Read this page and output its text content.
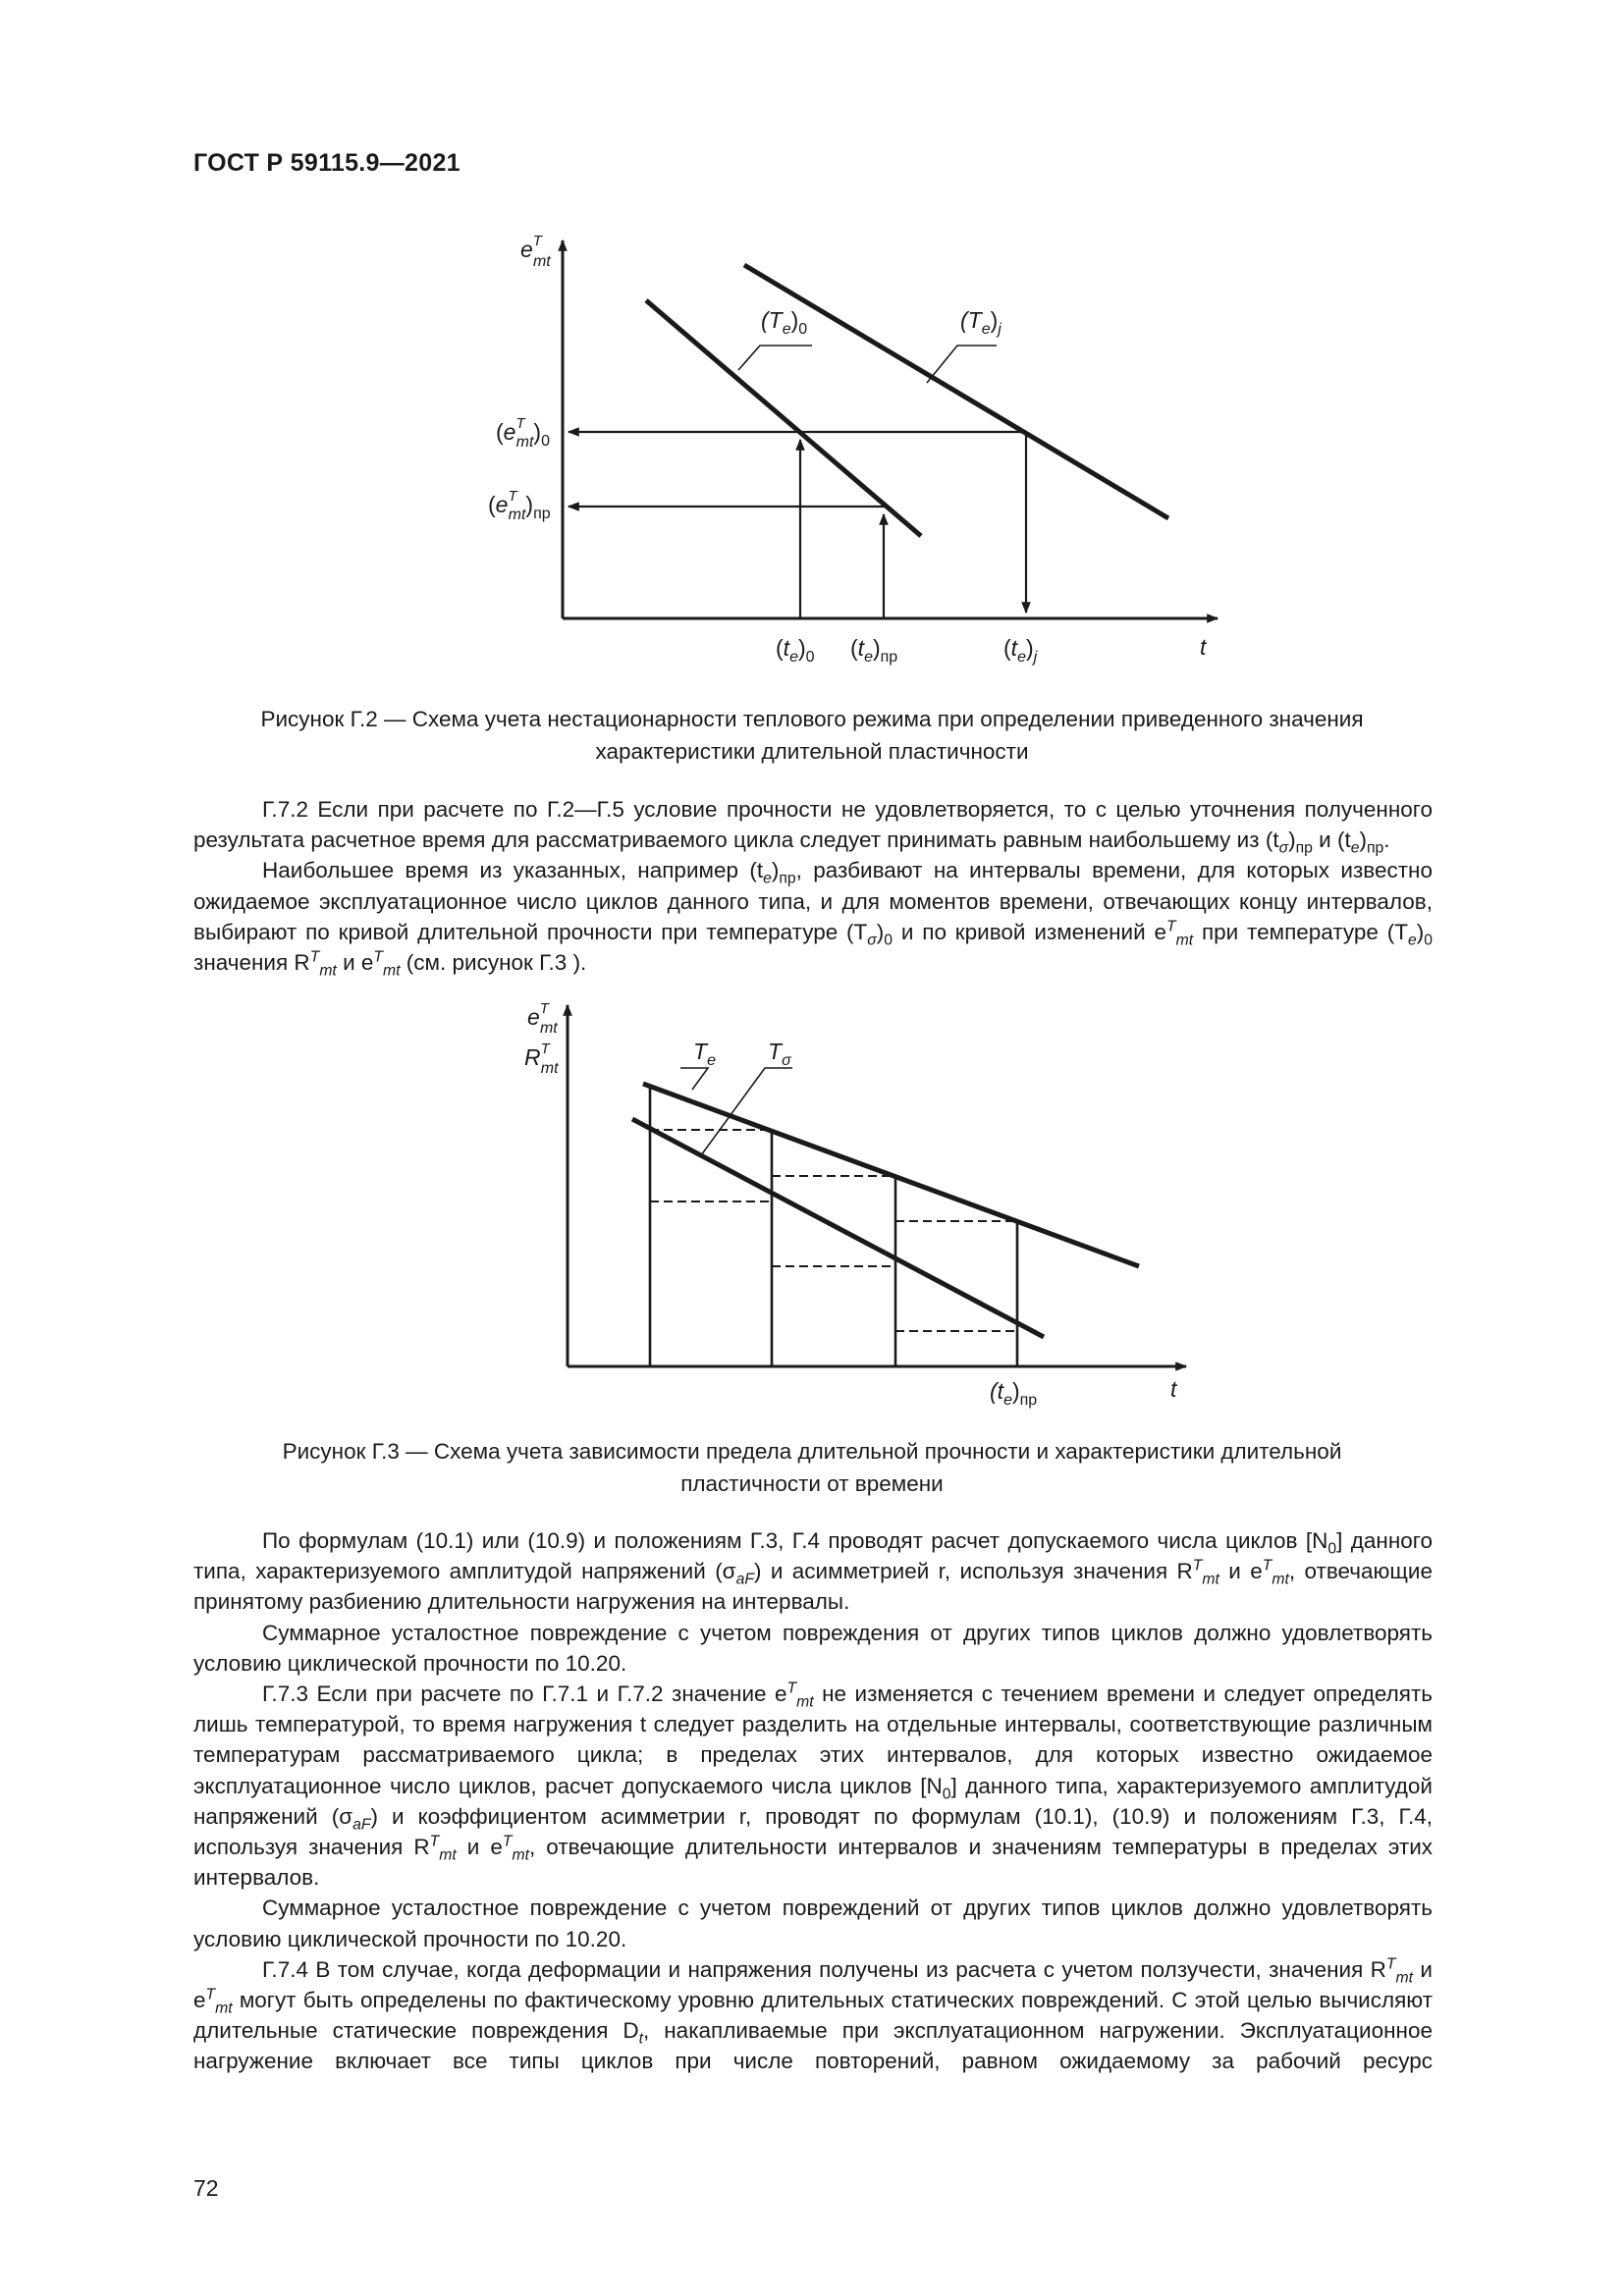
ГОСТ Р 59115.9—2021
$e^T$ mt
$(T_e)_0$	$(T_e)_j$
($e^T$ $mt)_0$
($e^T$ $mt)_{пр}$
$(t_e)_0$ $(t_e)_{пр}$	$(t_e)_j$	t
Рисунок Г.2 — Схема учета нестационарности теплового режима при определении приведенного значения
характеристики длительной пластичности

Г.7.2 Если при расчете по Г.2—Г.5 условие прочности не удовлетворяется, то с целью уточнения полученного результата расчетное время для рассматриваемого цикла следует принимать равным наибольшему из $(t_\sigma)_{пр}$ и $(t_e)_{пр}$.

Наибольшее время из указанных, например $(t_e)_{пр}$, разбивают на интервалы времени, для которых известно ожидаемое эксплуатационное число циклов данного типа, и для моментов времени, отвечающих концу интервалов, выбирают по кривой длительной прочности при температуре $(T_\sigma)_0$ и по кривой изменений $e^T_{mt}$ при температуре $(T_e)_0$ значения $R^T_{mt}$ и $e^T_{mt}$ (см. рисунок Г.3 ).

$e^T$ mt
$R^T$ mt
$T_e$ $T_\sigma$
$(t_e)_{пр}$	t
Рисунок Г.3 — Схема учета зависимости предела длительной прочности и характеристики длительной
пластичности от времени

По формулам (10.1) или (10.9) и положениям Г.3, Г.4 проводят расчет допускаемого числа циклов $[N_0]$ данного типа, характеризуемого амплитудой напряжений $(\sigma_{aF})$ и асимметрией r, используя значения $R^T_{mt}$ и $e^T_{mt}$, отвечающие принятому разбиению длительности нагружения на интервалы.

Суммарное усталостное повреждение с учетом повреждения от других типов циклов должно удовлетворять условию циклической прочности по 10.20.

Г.7.3 Если при расчете по Г.7.1 и Г.7.2 значение $e^T_{mt}$ не изменяется с течением времени и следует определять лишь температурой, то время нагружения t следует разделить на отдельные интервалы, соответствующие различным температурам рассматриваемого цикла; в пределах этих интервалов, для которых известно ожидаемое эксплуатационное число циклов, расчет допускаемого числа циклов $[N_0]$ данного типа, характеризуемого амплитудой напряжений $(\sigma_{aF})$ и коэффициентом асимметрии r, проводят по формулам (10.1), (10.9) и положениям Г.3, Г.4, используя значения $R^T_{mt}$ и $e^T_{mt}$, отвечающие длительности интервалов и значениям температуры в пределах этих интервалов.

Суммарное усталостное повреждение с учетом повреждений от других типов циклов должно удовлетворять условию циклической прочности по 10.20.

Г.7.4 В том случае, когда деформации и напряжения получены из расчета с учетом ползучести, значения $R^T_{mt}$ и $e^T_{mt}$ могут быть определены по фактическому уровню длительных статических повреждений. С этой целью вычисляют длительные статические повреждения $D_t$, накапливаемые при эксплуатационном нагружении. Эксплуатационное нагружение включает все типы циклов при числе повторений, равном ожидаемому за рабочий ресурс

72
